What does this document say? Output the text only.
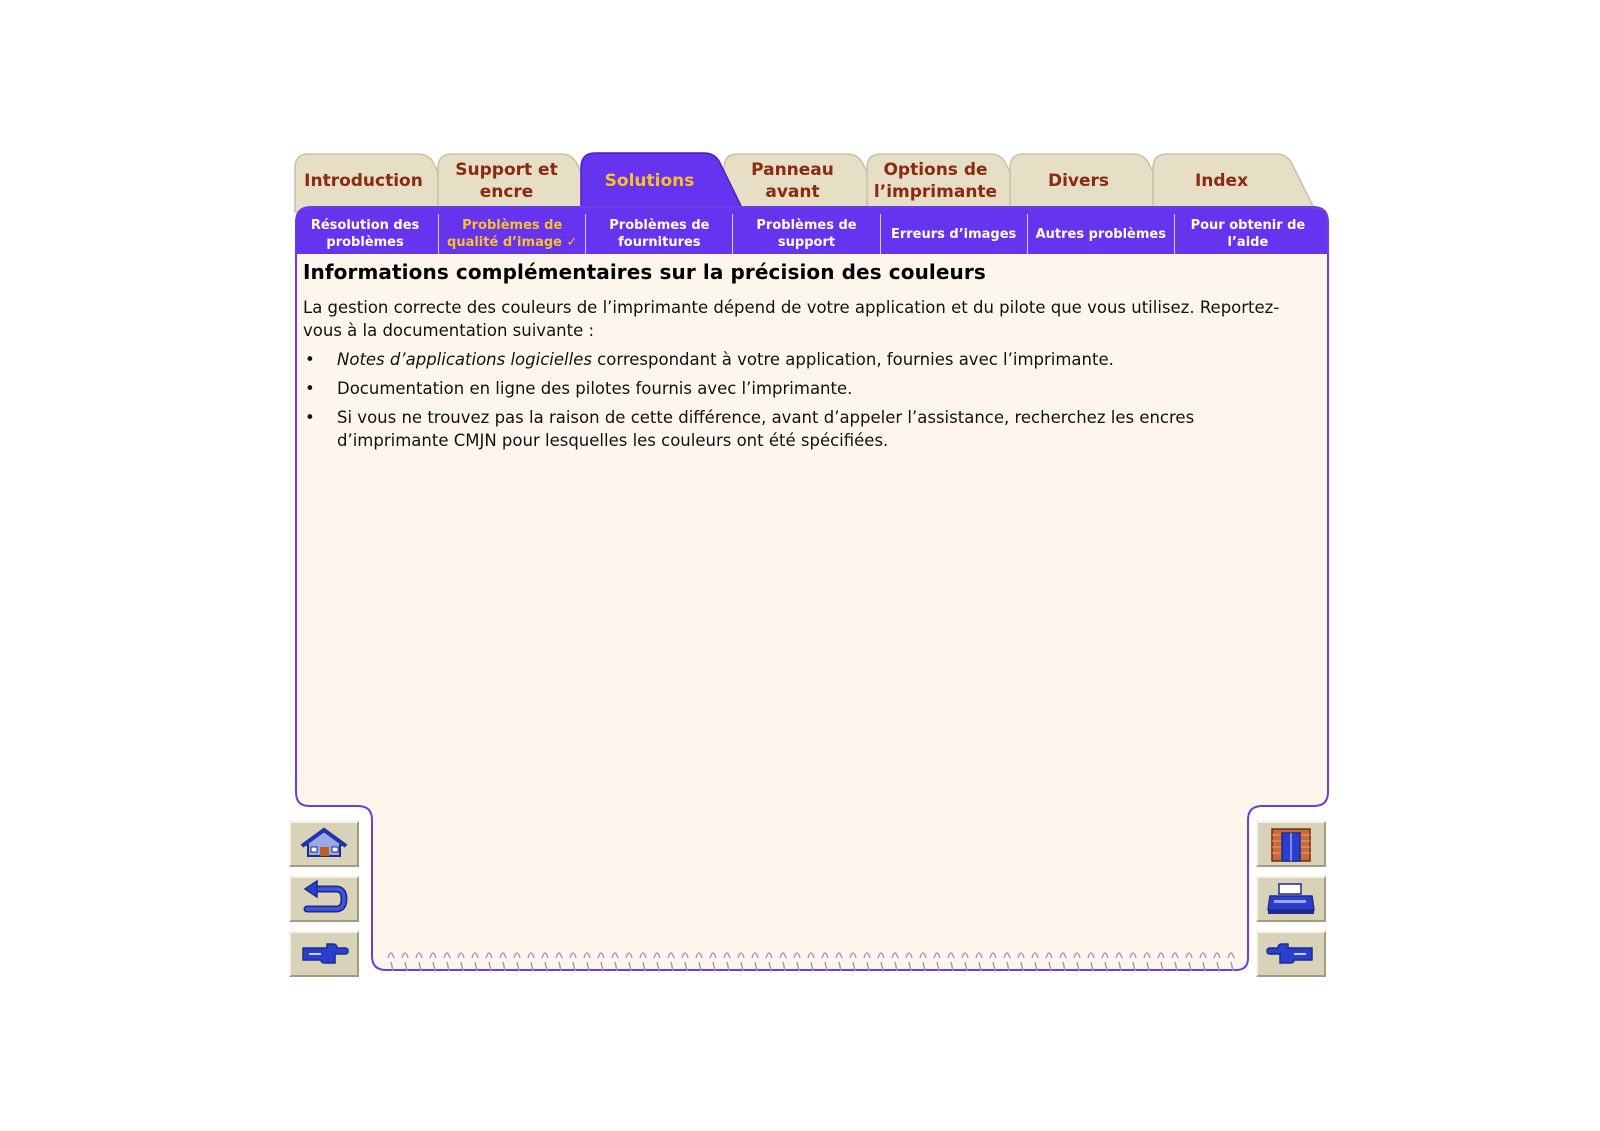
Introduction
Support et encre
Solutions
Panneau avant
Options de l’imprimante
Divers	Index
Résolution des problèmes
Problèmes de qualité d’image ✓
Problèmes de fournitures
Problèmes de support
Erreurs d’images	Autres problèmes
Pour obtenir de l’aide
Informations complémentaires sur la précision des couleurs

La gestion correcte des couleurs de l’imprimante dépend de votre application et du pilote que vous utilisez. Reportez-vous à la documentation suivante :

• Notes d’applications logicielles correspondant à votre application, fournies avec l’imprimante.
• Documentation en ligne des pilotes fournis avec l’imprimante.
• Si vous ne trouvez pas la raison de cette différence, avant d’appeler l’assistance, recherchez les encres d’imprimante CMJN pour lesquelles les couleurs ont été spécifiées.
